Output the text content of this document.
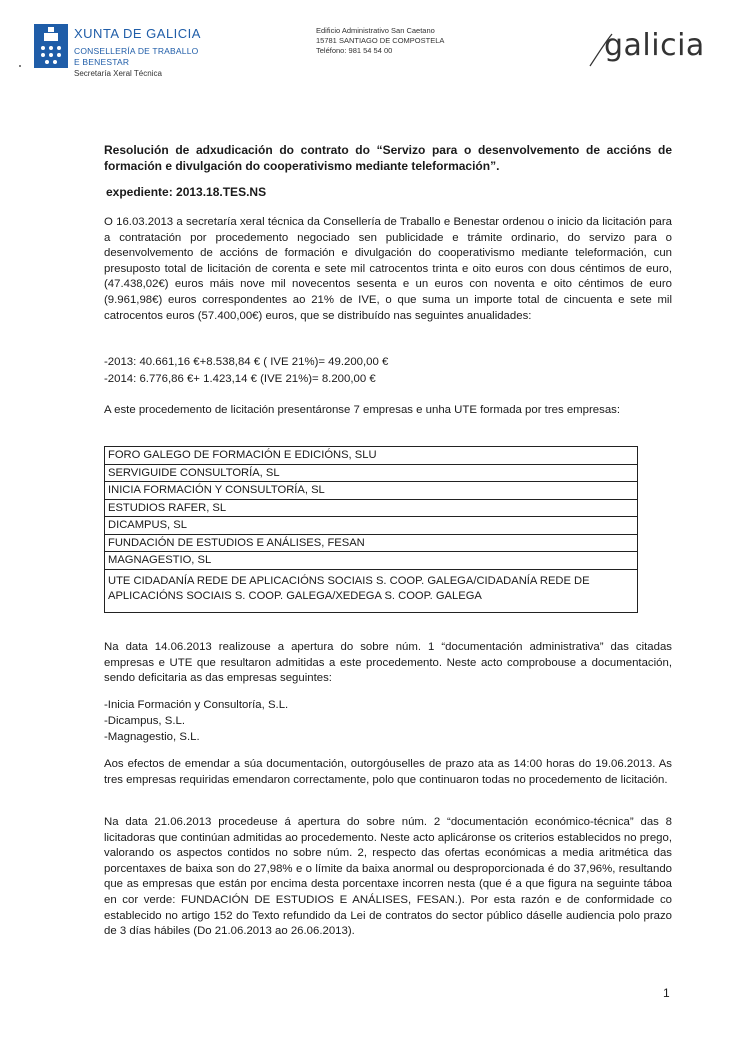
XUNTA DE GALICIA
CONSELLERÍA DE TRABALLO
E BENESTAR
Secretaría Xeral Técnica
Edificio Administrativo San Caetano
15781 SANTIAGO DE COMPOSTELA
Teléfono: 981 54 54 00	galicia
Resolución de adxudicación do contrato do “Servizo para o desenvolvemento de accións de formación e divulgación do cooperativismo mediante teleformación”.
expediente: 2013.18.TES.NS
O 16.03.2013 a secretaría xeral técnica da Consellería de Traballo e Benestar ordenou o inicio da licitación para a contratación por procedemento negociado sen publicidade e trámite ordinario, do servizo para o desenvolvemento de accións de formación e divulgación do cooperativismo mediante teleformación, cun presuposto total de licitación de corenta e sete mil catrocentos trinta e oito euros con dous céntimos de euro, (47.438,02€) euros máis nove mil novecentos sesenta e un euros con noventa e oito céntimos de euro (9.961,98€) euros correspondentes ao 21% de IVE, o que suma un importe total de cincuenta e sete mil catrocentos euros (57.400,00€) euros, que se distribuído nas seguintes anualidades:
-2013: 40.661,16 €+8.538,84 € ( IVE 21%)= 49.200,00 €
-2014: 6.776,86 €+ 1.423,14 € (IVE 21%)= 8.200,00 €
A este procedemento de licitación presentáronse 7 empresas e unha UTE formada por tres empresas:
FORO GALEGO DE FORMACIÓN E EDICIÓNS, SLU
SERVIGUIDE CONSULTORÍA, SL
INICIA FORMACIÓN Y CONSULTORÍA, SL
ESTUDIOS RAFER, SL
DICAMPUS, SL
FUNDACIÓN DE ESTUDIOS E ANÁLISES, FESAN
MAGNAGESTIO, SL
UTE CIDADANÍA REDE DE APLICACIÓNS SOCIAIS S. COOP. GALEGA/CIDADANÍA REDE DE APLICACIÓNS SOCIAIS S. COOP. GALEGA/XEDEGA S. COOP. GALEGA
Na data 14.06.2013 realizouse a apertura do sobre núm. 1 “documentación administrativa” das citadas empresas e UTE que resultaron admitidas a este procedemento. Neste acto comprobouse a documentación, sendo deficitaria as das empresas seguintes:
-Inicia Formación y Consultoría, S.L.
-Dicampus, S.L.
-Magnagestio, S.L.
Aos efectos de emendar a súa documentación, outorgóuselles de prazo ata as 14:00 horas do 19.06.2013. As tres empresas requiridas emendaron correctamente, polo que continuaron todas no procedemento de licitación.
Na data 21.06.2013 procedeuse á apertura do sobre núm. 2 “documentación económico-técnica” das 8 licitadoras que continúan admitidas ao procedemento. Neste acto aplicáronse os criterios establecidos no prego, valorando os aspectos contidos no sobre núm. 2, respecto das ofertas económicas a media aritmética das porcentaxes de baixa son do 27,98% e o límite da baixa anormal ou desproporcionada é do 37,96%, resultando que as empresas que están por encima desta porcentaxe incorren nesta (que é a que figura na seguinte táboa en cor verde: FUNDACIÓN DE ESTUDIOS E ANÁLISES, FESAN.). Por esta razón e de conformidade co establecido no artigo 152 do Texto refundido da Lei de contratos do sector público dáselle audiencia polo prazo de 3 días hábiles (Do 21.06.2013 ao 26.06.2013).
1
